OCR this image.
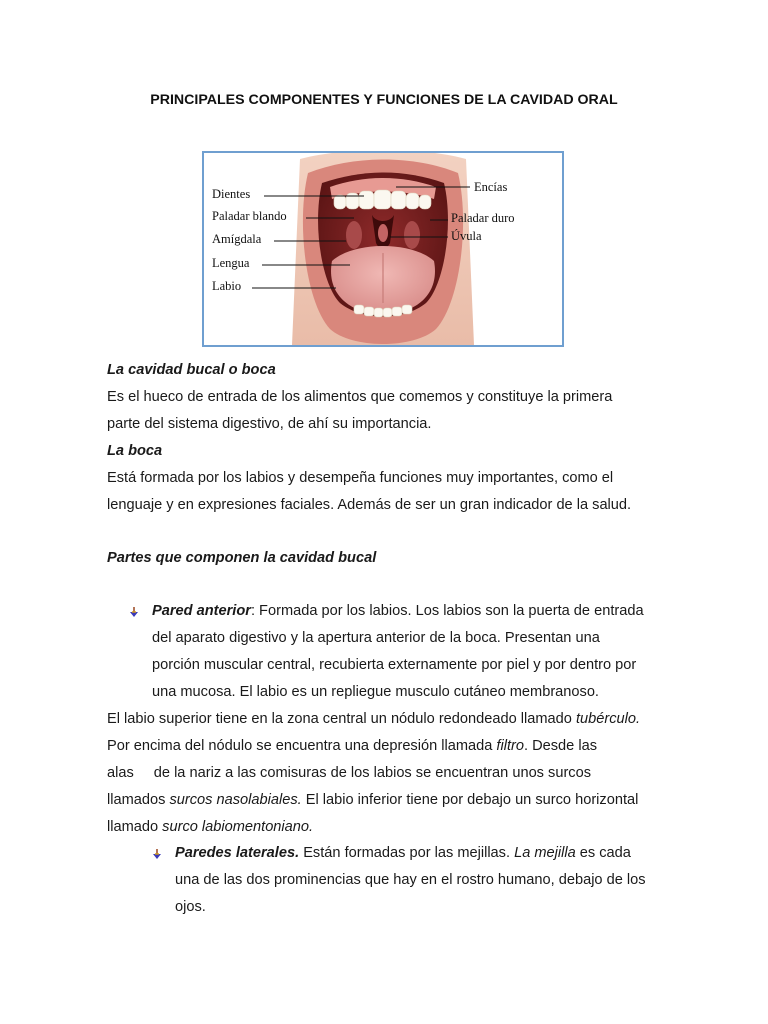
PRINCIPALES COMPONENTES Y FUNCIONES DE LA CAVIDAD ORAL
Dientes
Paladar blando
Amígdala
Lengua
Labio
Encías
Paladar duro
Úvula
La cavidad bucal o boca
Es el hueco de entrada de los alimentos que comemos y constituye la primera
parte del sistema digestivo, de ahí su importancia.
La boca
Está formada por los labios y desempeña funciones muy importantes, como el
lenguaje y en expresiones faciales. Además de ser un gran indicador de la salud.
Partes que componen la cavidad bucal
Pared anterior: Formada por los labios. Los labios son la puerta de entrada
del aparato digestivo y la apertura anterior de la boca. Presentan una
porción muscular central, recubierta externamente por piel y por dentro por
una mucosa. El labio es un repliegue musculo cutáneo membranoso.
El labio superior tiene en la zona central un nódulo redondeado llamado tubérculo.
Por encima del nódulo se encuentra una depresión llamada filtro. Desde las
alas de la nariz a las comisuras de los labios se encuentran unos surcos
llamados surcos nasolabiales. El labio inferior tiene por debajo un surco horizontal
llamado surco labiomentoniano.
Paredes laterales. Están formadas por las mejillas. La mejilla es cada
una de las dos prominencias que hay en el rostro humano, debajo de los
ojos.
